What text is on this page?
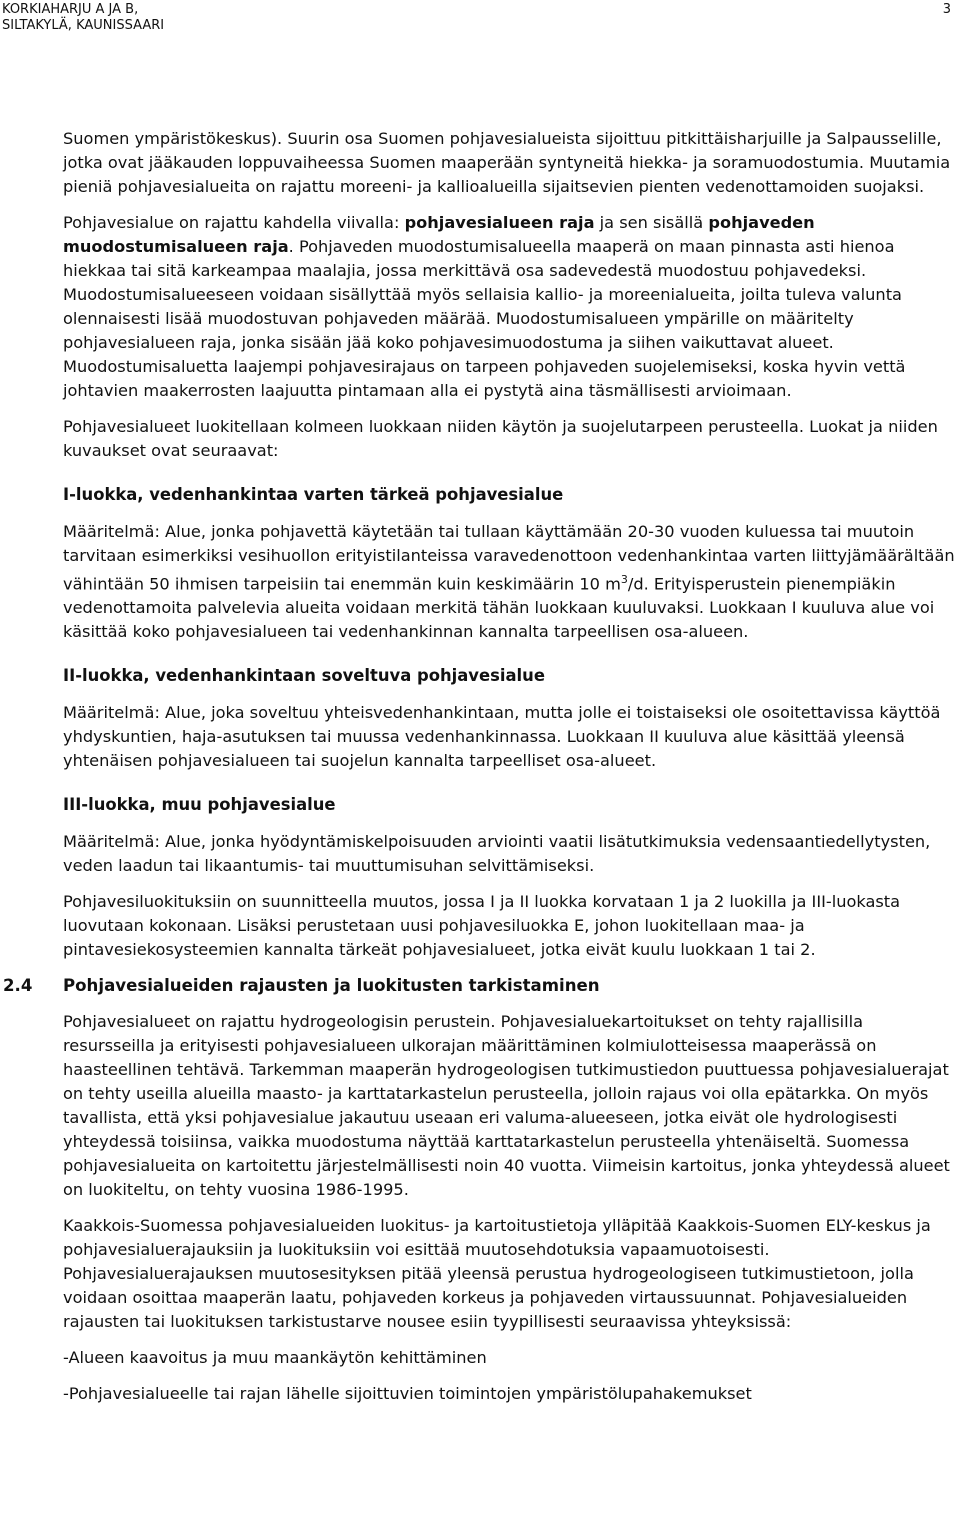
KORKIAHARJU A JA B,
SILTAKYLÄ, KAUNISSAARI
3

Suomen ympäristökeskus). Suurin osa Suomen pohjavesialueista sijoittuu pitkittäisharjuille ja Salpausselille, jotka ovat jääkauden loppuvaiheessa Suomen maaperään syntyneitä hiekka- ja soramuodostumia. Muutamia pieniä pohjavesialueita on rajattu moreeni- ja kallioalueilla sijaitsevien pienten vedenottamoiden suojaksi.

Pohjavesialue on rajattu kahdella viivalla: pohjavesialueen raja ja sen sisällä pohjaveden muodostumisalueen raja. Pohjaveden muodostumisalueella maaperä on maan pinnasta asti hienoa hiekkaa tai sitä karkeampaa maalajia, jossa merkittävä osa sadevedestä muodostuu pohjavedeksi. Muodostumisalueeseen voidaan sisällyttää myös sellaisia kallio- ja moreenialueita, joilta tuleva valunta olennaisesti lisää muodostuvan pohjaveden määrää. Muodostumisalueen ympärille on määritelty pohjavesialueen raja, jonka sisään jää koko pohjavesimuodostuma ja siihen vaikuttavat alueet. Muodostumisaluetta laajempi pohjavesirajaus on tarpeen pohjaveden suojelemiseksi, koska hyvin vettä johtavien maakerrosten laajuutta pintamaan alla ei pystytä aina täsmällisesti arvioimaan.

Pohjavesialueet luokitellaan kolmeen luokkaan niiden käytön ja suojelutarpeen perusteella. Luokat ja niiden kuvaukset ovat seuraavat:

I-luokka, vedenhankintaa varten tärkeä pohjavesialue

Määritelmä: Alue, jonka pohjavettä käytetään tai tullaan käyttämään 20-30 vuoden kuluessa tai muutoin tarvitaan esimerkiksi vesihuollon erityistilanteissa varavedenottoon vedenhankintaa varten liittyjämäärältään vähintään 50 ihmisen tarpeisiin tai enemmän kuin keskimäärin 10 $m^3/d$. Erityisperustein pienempiäkin vedenottamoita palvelevia alueita voidaan merkitä tähän luokkaan kuuluvaksi. Luokkaan I kuuluva alue voi käsittää koko pohjavesialueen tai vedenhankinnan kannalta tarpeellisen osa-alueen.

II-luokka, vedenhankintaan soveltuva pohjavesialue

Määritelmä: Alue, joka soveltuu yhteisvedenhankintaan, mutta jolle ei toistaiseksi ole osoitettavissa käyttöä yhdyskuntien, haja-asutuksen tai muussa vedenhankinnassa. Luokkaan II kuuluva alue käsittää yleensä yhtenäisen pohjavesialueen tai suojelun kannalta tarpeelliset osa-alueet.

III-luokka, muu pohjavesialue

Määritelmä: Alue, jonka hyödyntämiskelpoisuuden arviointi vaatii lisätutkimuksia vedensaantiedellytysten, veden laadun tai likaantumis- tai muuttumisuhan selvittämiseksi.

Pohjavesiluokituksiin on suunnitteella muutos, jossa I ja II luokka korvataan 1 ja 2 luokilla ja III-luokasta luovutaan kokonaan. Lisäksi perustetaan uusi pohjavesiluokka E, johon luokitellaan maa- ja pintavesiekosysteemien kannalta tärkeät pohjavesialueet, jotka eivät kuulu luokkaan 1 tai 2.

2.4 Pohjavesialueiden rajausten ja luokitusten tarkistaminen

Pohjavesialueet on rajattu hydrogeologisin perustein. Pohjavesialuekartoitukset on tehty rajallisilla resursseilla ja erityisesti pohjavesialueen ulkorajan määrittäminen kolmiulotteisessa maaperässä on haasteellinen tehtävä. Tarkemman maaperän hydrogeologisen tutkimustiedon puuttuessa pohjavesialuerajat on tehty useilla alueilla maasto- ja karttatarkastelun perusteella, jolloin rajaus voi olla epätarkka. On myös tavallista, että yksi pohjavesialue jakautuu useaan eri valuma-alueeseen, jotka eivät ole hydrologisesti yhteydessä toisiinsa, vaikka muodostuma näyttää karttatarkastelun perusteella yhtenäiseltä. Suomessa pohjavesialueita on kartoitettu järjestelmällisesti noin 40 vuotta. Viimeisin kartoitus, jonka yhteydessä alueet on luokiteltu, on tehty vuosina 1986-1995.

Kaakkois-Suomessa pohjavesialueiden luokitus- ja kartoitustietoja ylläpitää Kaakkois-Suomen ELY-keskus ja pohjavesialuerajauksiin ja luokituksiin voi esittää muutosehdotuksia vapaamuotoisesti. Pohjavesialuerajauksen muutosesityksen pitää yleensä perustua hydrogeologiseen tutkimustietoon, jolla voidaan osoittaa maaperän laatu, pohjaveden korkeus ja pohjaveden virtaussuunnat. Pohjavesialueiden rajausten tai luokituksen tarkistustarve nousee esiin tyypillisesti seuraavissa yhteyksissä:

-Alueen kaavoitus ja muu maankäytön kehittäminen
-Pohjavesialueelle tai rajan lähelle sijoittuvien toimintojen ympäristölupahakemukset
